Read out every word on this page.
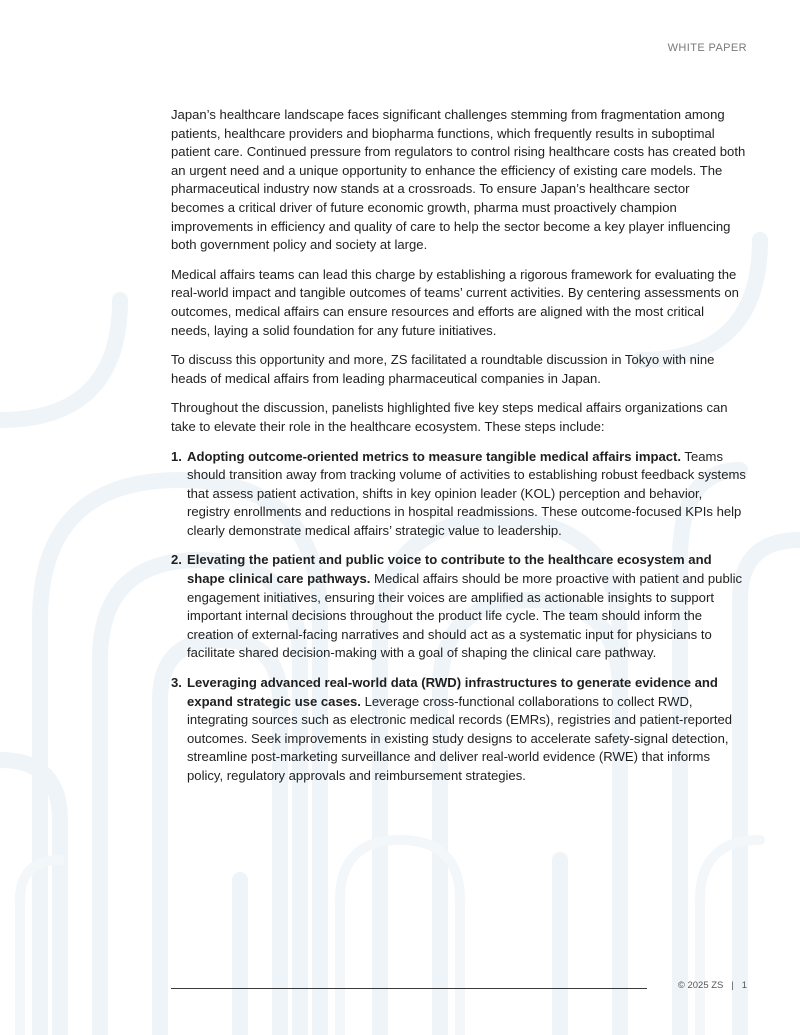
WHITE PAPER

Japan’s healthcare landscape faces significant challenges stemming from fragmentation among patients, healthcare providers and biopharma functions, which frequently results in suboptimal patient care. Continued pressure from regulators to control rising healthcare costs has created both an urgent need and a unique opportunity to enhance the efficiency of existing care models. The pharmaceutical industry now stands at a crossroads. To ensure Japan’s healthcare sector becomes a critical driver of future economic growth, pharma must proactively champion improvements in efficiency and quality of care to help the sector become a key player influencing both government policy and society at large.

Medical affairs teams can lead this charge by establishing a rigorous framework for evaluating the real-world impact and tangible outcomes of teams’ current activities. By centering assessments on outcomes, medical affairs can ensure resources and efforts are aligned with the most critical needs, laying a solid foundation for any future initiatives.

To discuss this opportunity and more, ZS facilitated a roundtable discussion in Tokyo with nine heads of medical affairs from leading pharmaceutical companies in Japan.

Throughout the discussion, panelists highlighted five key steps medical affairs organizations can take to elevate their role in the healthcare ecosystem. These steps include:

1. Adopting outcome-oriented metrics to measure tangible medical affairs impact. Teams should transition away from tracking volume of activities to establishing robust feedback systems that assess patient activation, shifts in key opinion leader (KOL) perception and behavior, registry enrollments and reductions in hospital readmissions. These outcome-focused KPIs help clearly demonstrate medical affairs’ strategic value to leadership.
2. Elevating the patient and public voice to contribute to the healthcare ecosystem and shape clinical care pathways. Medical affairs should be more proactive with patient and public engagement initiatives, ensuring their voices are amplified as actionable insights to support important internal decisions throughout the product life cycle. The team should inform the creation of external-facing narratives and should act as a systematic input for physicians to facilitate shared decision-making with a goal of shaping the clinical care pathway.
3. Leveraging advanced real-world data (RWD) infrastructures to generate evidence and expand strategic use cases. Leverage cross-functional collaborations to collect RWD, integrating sources such as electronic medical records (EMRs), registries and patient-reported outcomes. Seek improvements in existing study designs to accelerate safety-signal detection, streamline post-marketing surveillance and deliver real-world evidence (RWE) that informs policy, regulatory approvals and reimbursement strategies.
© 2025 ZS | 1
